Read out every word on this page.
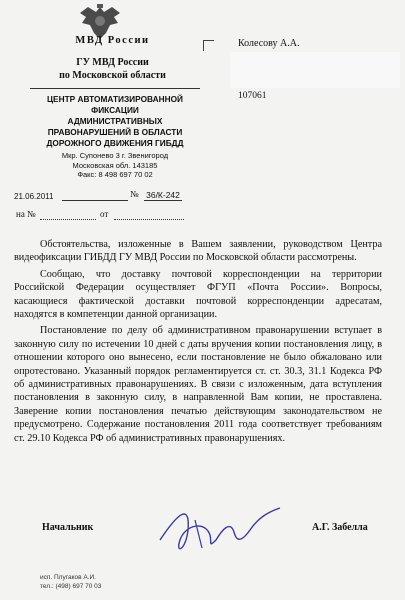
МВД России
ГУ МВД России
по Московской области
ЦЕНТР АВТОМАТИЗИРОВАННОЙ
ФИКСАЦИИ
АДМИНИСТРАТИВНЫХ
ПРАВОНАРУШЕНИЙ В ОБЛАСТИ
ДОРОЖНОГО ДВИЖЕНИЯ ГИБДД
Мкр. Супонево 3 г. Звенигород
Московская обл. 143185
Факс: 8 498 697 70 02
21.06.2011	№ 36/К-242
на №	от
Колесову А.А.
107061

Обстоятельства, изложенные в Вашем заявлении, руководством Центра видеофиксации ГИБДД ГУ МВД России по Московской области рассмотрены.

Сообщаю, что доставку почтовой корреспонденции на территории Российской Федерации осуществляет ФГУП «Почта России». Вопросы, касающиеся фактической доставки почтовой корреспонденции адресатам, находятся в компетенции данной организации.

Постановление по делу об административном правонарушении вступает в законную силу по истечении 10 дней с даты вручения копии постановления лицу, в отношении которого оно вынесено, если постановление не было обжаловано или опротестовано. Указанный порядок регламентируется ст. ст. 30.3, 31.1 Кодекса РФ об административных правонарушениях. В связи с изложенным, дата вступления постановления в законную силу, в направленной Вам копии, не проставлена. Заверение копии постановления печатью действующим законодательством не предусмотрено. Содержание постановления 2011 года соответствует требованиям ст. 29.10 Кодекса РФ об административных правонарушениях.

Начальник	А.Г. Забелла
исп. Плугаков А.И.
тел.: (498) 697 70 03
